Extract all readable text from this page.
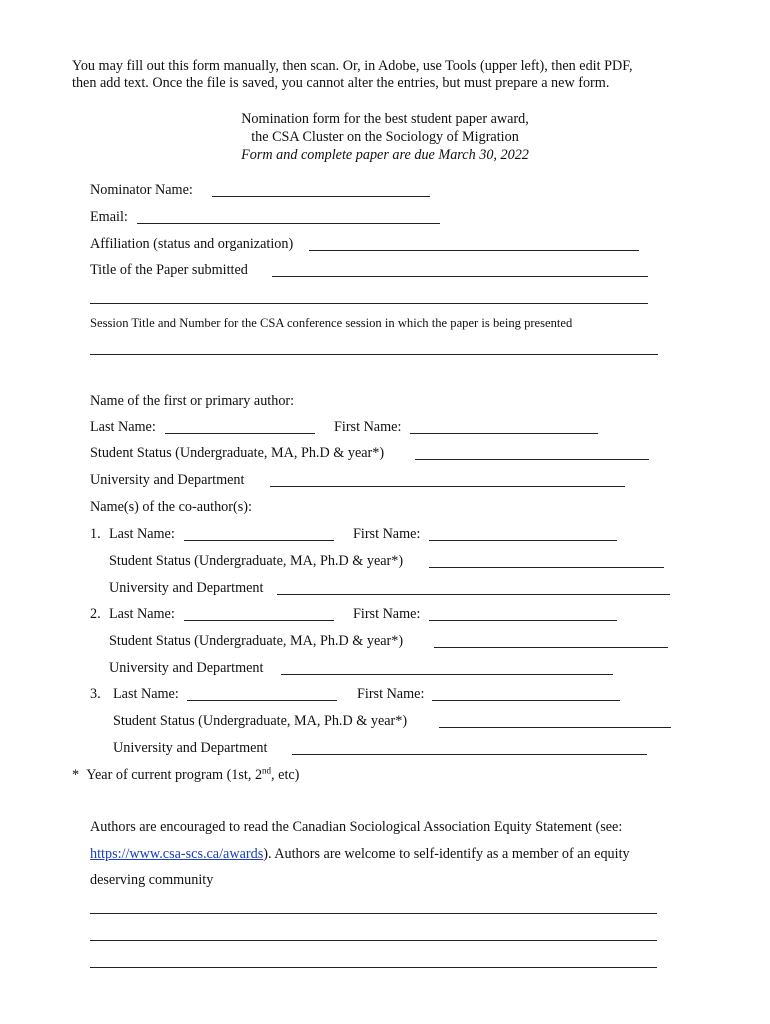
You may fill out this form manually, then scan. Or, in Adobe, use Tools (upper left), then edit PDF,
then add text. Once the file is saved, you cannot alter the entries, but must prepare a new form.
Nomination form for the best student paper award,
the CSA Cluster on the Sociology of Migration
Form and complete paper are due March 30, 2022
Nominator Name:
Email:
Affiliation (status and organization)
Title of the Paper submitted
Session Title and Number for the CSA conference session in which the paper is being presented
Name of the first or primary author:
Last Name:	First Name:
Student Status (Undergraduate, MA, Ph.D & year*)
University and Department
Name(s) of the co-author(s):
1. Last Name:	First Name:
Student Status (Undergraduate, MA, Ph.D & year*)
University and Department
2. Last Name:	First Name:
Student Status (Undergraduate, MA, Ph.D & year*)
University and Department
3. Last Name:	First Name:
Student Status (Undergraduate, MA, Ph.D & year*)
University and Department
* Year of current program (1st, 2nd, etc)
Authors are encouraged to read the Canadian Sociological Association Equity Statement (see:
https://www.csa-scs.ca/awards). Authors are welcome to self-identify as a member of an equity
deserving community
